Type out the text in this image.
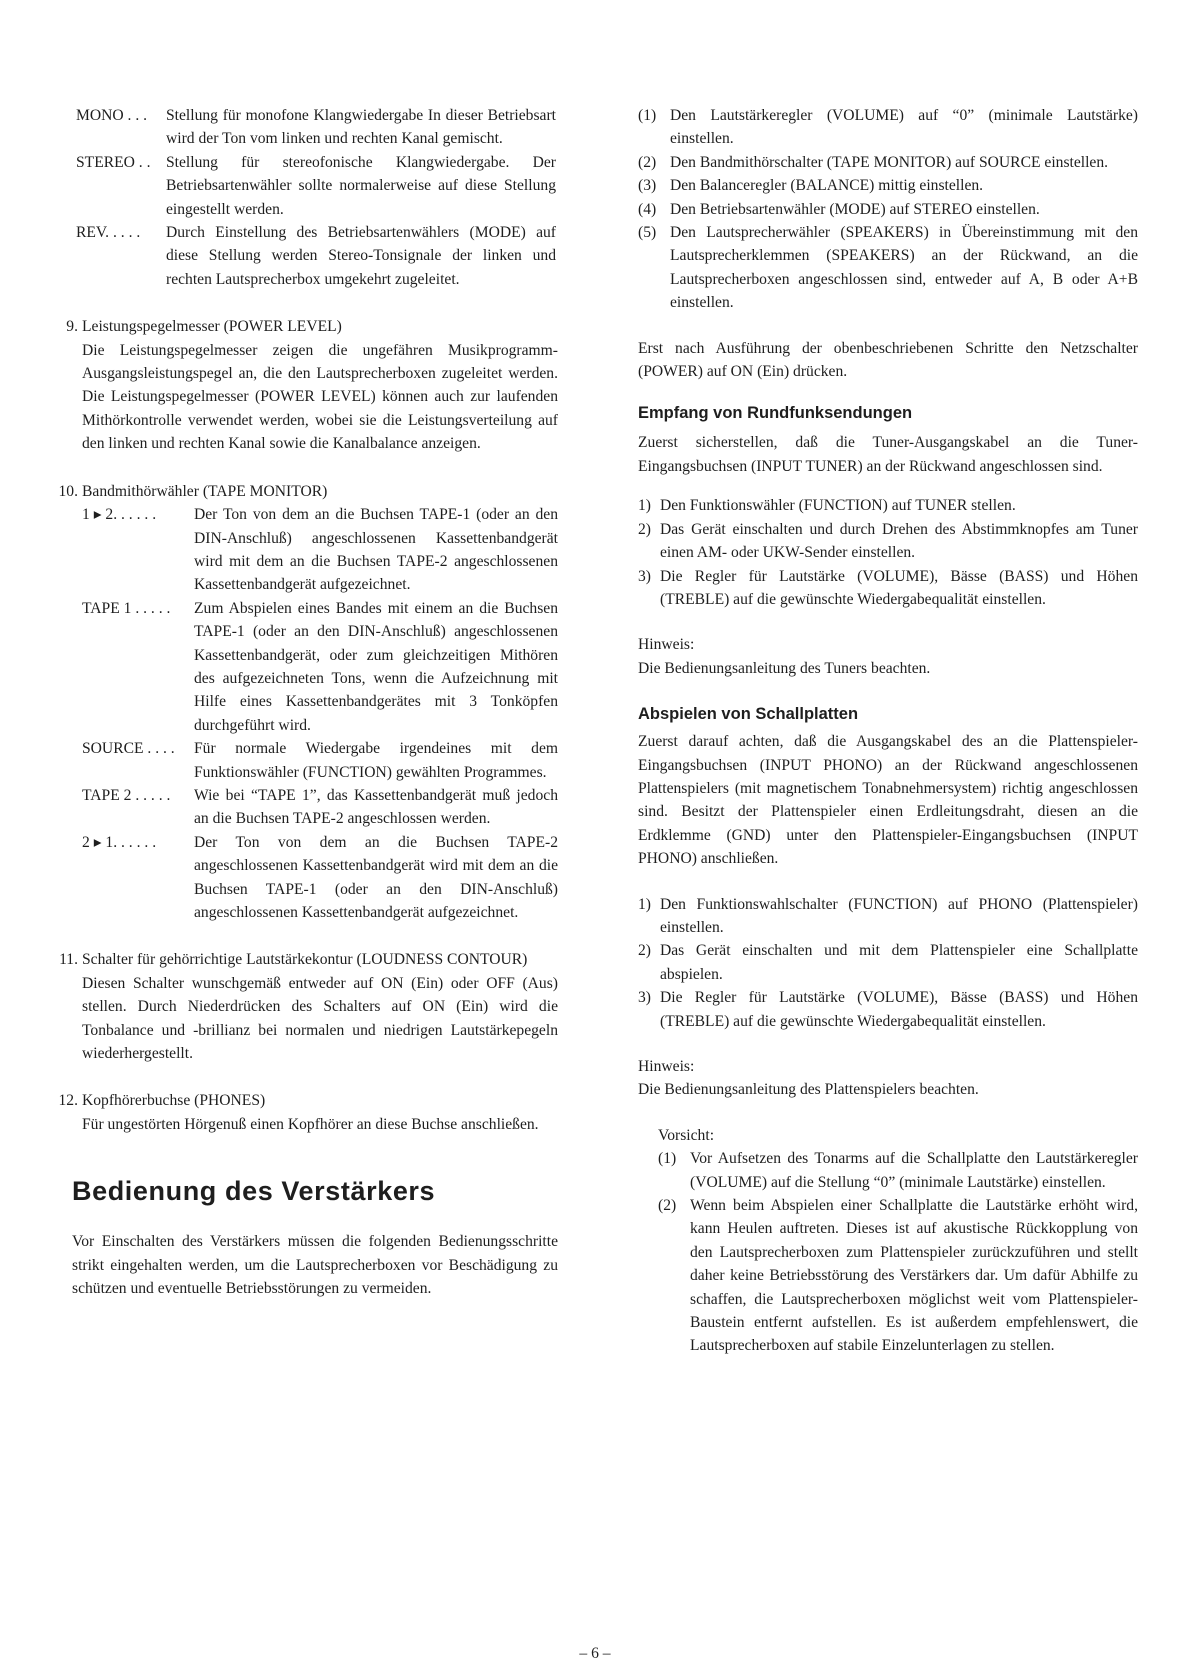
MONO . . .	Stellung für monofone Klangwiedergabe In dieser Betriebsart wird der Ton vom linken und rechten Kanal gemischt.

STEREO . . Stellung für stereofonische Klangwiedergabe. Der Betriebsartenwähler sollte normalerweise auf diese Stellung eingestellt werden.

REV. . . . .	Durch Einstellung des Betriebsartenwählers (MODE) auf diese Stellung werden Stereo-Tonsignale der linken und rechten Lautsprecherbox umgekehrt zugeleitet.

9. Leistungspegelmesser (POWER LEVEL)

Die Leistungspegelmesser zeigen die ungefähren Musikprogramm-Ausgangsleistungspegel an, die den Lautsprecherboxen zugeleitet werden. Die Leistungspegelmesser (POWER LEVEL) können auch zur laufenden Mithörkontrolle verwendet werden, wobei sie die Leistungsverteilung auf den linken und rechten Kanal sowie die Kanalbalance anzeigen.

10. Bandmithörwähler (TAPE MONITOR)

1 ▸ 2. . . . . .	Der Ton von dem an die Buchsen TAPE-1 (oder an den DIN-Anschluß) angeschlossenen Kassettenbandgerät wird mit dem an die Buchsen TAPE-2 angeschlossenen Kassettenbandgerät aufgezeichnet.

TAPE 1 . . . . .	Zum Abspielen eines Bandes mit einem an die Buchsen TAPE-1 (oder an den DIN-Anschluß) angeschlossenen Kassettenbandgerät, oder zum gleichzeitigen Mithören des aufgezeichneten Tons, wenn die Aufzeichnung mit Hilfe eines Kassettenbandgerätes mit 3 Tonköpfen durchgeführt wird.

SOURCE . . . .	Für normale Wiedergabe irgendeines mit dem Funktionswähler (FUNCTION) gewählten Programmes.

TAPE 2 . . . . .	Wie bei “TAPE 1”, das Kassettenbandgerät muß jedoch an die Buchsen TAPE-2 angeschlossen werden.

2 ▸ 1. . . . . .	Der Ton von dem an die Buchsen TAPE-2 angeschlossenen Kassettenbandgerät wird mit dem an die Buchsen TAPE-1 (oder an den DIN-Anschluß) angeschlossenen Kassettenbandgerät aufgezeichnet.

11. Schalter für gehörrichtige Lautstärkekontur (LOUDNESS CONTOUR)

Diesen Schalter wunschgemäß entweder auf ON (Ein) oder OFF (Aus) stellen. Durch Niederdrücken des Schalters auf ON (Ein) wird die Tonbalance und -brillianz bei normalen und niedrigen Lautstärkepegeln wiederhergestellt.

12. Kopfhörerbuchse (PHONES)

Für ungestörten Hörgenuß einen Kopfhörer an diese Buchse anschließen.

Bedienung des Verstärkers

Vor Einschalten des Verstärkers müssen die folgenden Bedienungsschritte strikt eingehalten werden, um die Lautsprecherboxen vor Beschädigung zu schützen und eventuelle Betriebsstörungen zu vermeiden.

(1) Den Lautstärkeregler (VOLUME) auf “0” (minimale Lautstärke) einstellen.

(2) Den Bandmithörschalter (TAPE MONITOR) auf SOURCE einstellen.

(3) Den Balanceregler (BALANCE) mittig einstellen.

(4) Den Betriebsartenwähler (MODE) auf STEREO einstellen.

(5) Den Lautsprecherwähler (SPEAKERS) in Übereinstimmung mit den Lautsprecherklemmen (SPEAKERS) an der Rückwand, an die Lautsprecherboxen angeschlossen sind, entweder auf A, B oder A+B einstellen.

Erst nach Ausführung der obenbeschriebenen Schritte den Netzschalter (POWER) auf ON (Ein) drücken.

Empfang von Rundfunksendungen

Zuerst sicherstellen, daß die Tuner-Ausgangskabel an die Tuner-Eingangsbuchsen (INPUT TUNER) an der Rückwand angeschlossen sind.

1) Den Funktionswähler (FUNCTION) auf TUNER stellen.

2) Das Gerät einschalten und durch Drehen des Abstimmknopfes am Tuner einen AM- oder UKW-Sender einstellen.

3) Die Regler für Lautstärke (VOLUME), Bässe (BASS) und Höhen (TREBLE) auf die gewünschte Wiedergabequalität einstellen.

Hinweis:

Die Bedienungsanleitung des Tuners beachten.

Abspielen von Schallplatten

Zuerst darauf achten, daß die Ausgangskabel des an die Plattenspieler-Eingangsbuchsen (INPUT PHONO) an der Rückwand angeschlossenen Plattenspielers (mit magnetischem Tonabnehmersystem) richtig angeschlossen sind. Besitzt der Plattenspieler einen Erdleitungsdraht, diesen an die Erdklemme (GND) unter den Plattenspieler-Eingangsbuchsen (INPUT PHONO) anschließen.

1) Den Funktionswahlschalter (FUNCTION) auf PHONO (Plattenspieler) einstellen.

2) Das Gerät einschalten und mit dem Plattenspieler eine Schallplatte abspielen.

3) Die Regler für Lautstärke (VOLUME), Bässe (BASS) und Höhen (TREBLE) auf die gewünschte Wiedergabequalität einstellen.

Hinweis:

Die Bedienungsanleitung des Plattenspielers beachten.

Vorsicht:

(1) Vor Aufsetzen des Tonarms auf die Schallplatte den Lautstärkeregler (VOLUME) auf die Stellung “0” (minimale Lautstärke) einstellen.

(2) Wenn beim Abspielen einer Schallplatte die Lautstärke erhöht wird, kann Heulen auftreten. Dieses ist auf akustische Rückkopplung von den Lautsprecherboxen zum Plattenspieler zurückzuführen und stellt daher keine Betriebsstörung des Verstärkers dar. Um dafür Abhilfe zu schaffen, die Lautsprecherboxen möglichst weit vom Plattenspieler-Baustein entfernt aufstellen. Es ist außerdem empfehlenswert, die Lautsprecherboxen auf stabile Einzelunterlagen zu stellen.

– 6 –
